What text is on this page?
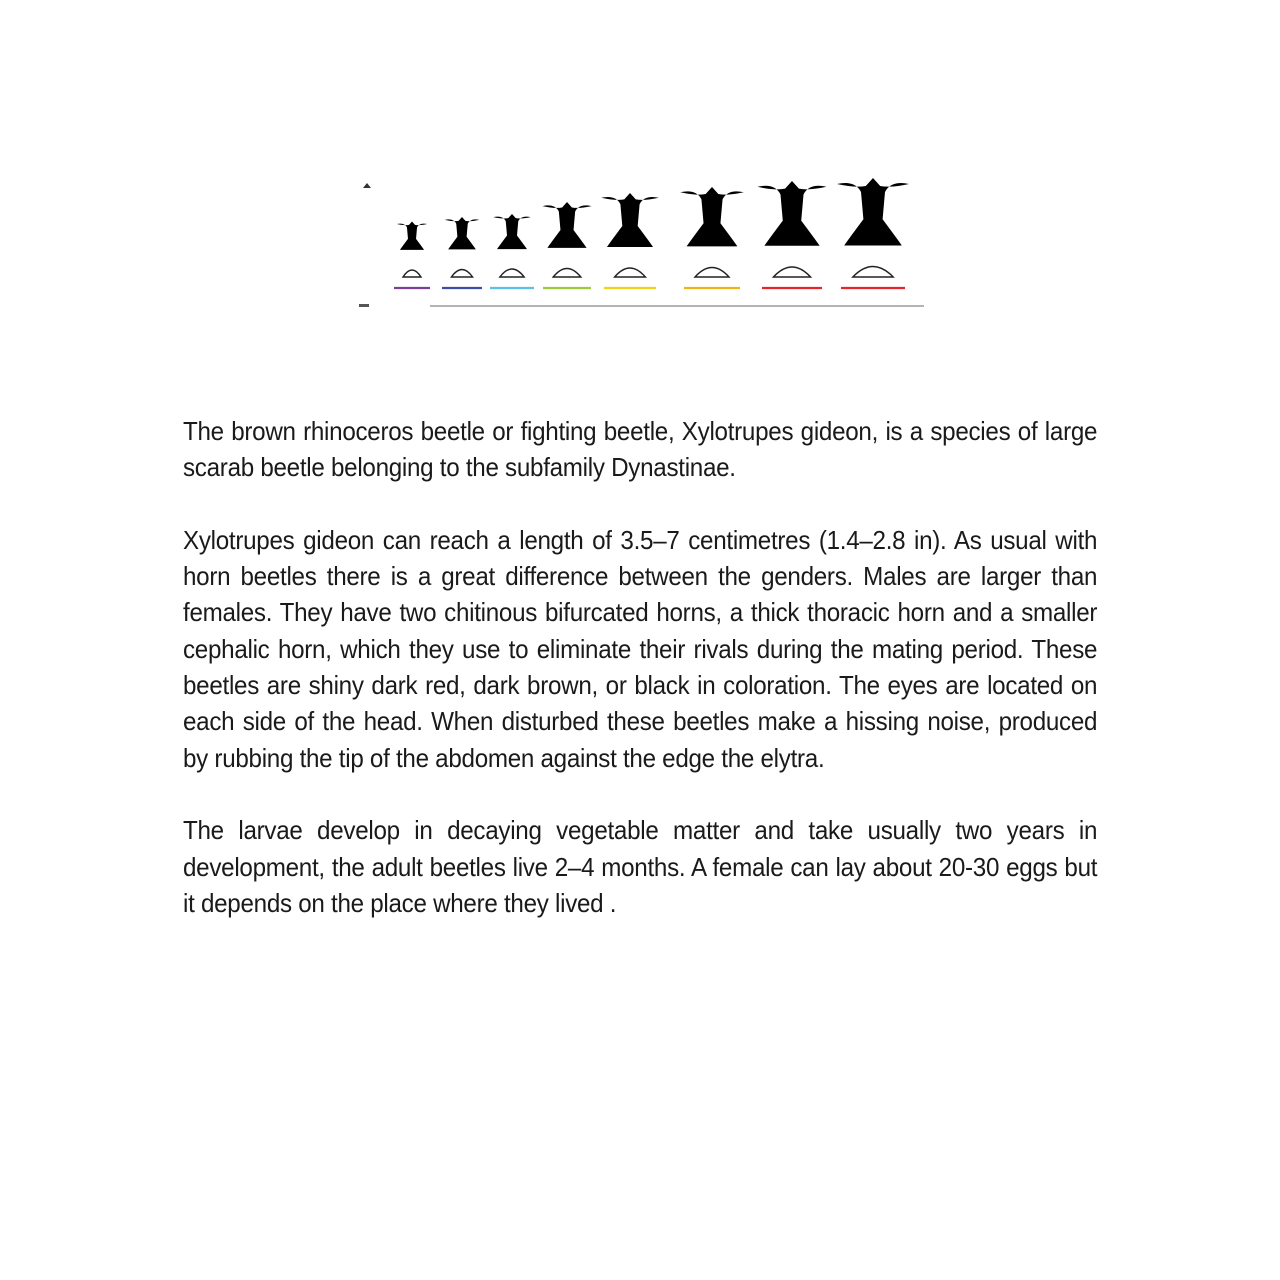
The brown rhinoceros beetle or fighting beetle, Xylotrupes gideon, is a species of large scarab beetle belonging to the subfamily Dynastinae.

Xylotrupes gideon can reach a length of 3.5–7 centimetres (1.4–2.8 in). As usual with horn beetles there is a great difference between the genders. Males are larger than females. They have two chitinous bifurcated horns, a thick thoracic horn and a smaller cephalic horn, which they use to eliminate their rivals during the mating period. These beetles are shiny dark red, dark brown, or black in coloration. The eyes are located on each side of the head. When disturbed these beetles make a hissing noise, produced by rubbing the tip of the abdomen against the edge the elytra.

The larvae develop in decaying vegetable matter and take usually two years in development, the adult beetles live 2–4 months. A female can lay about 20-30 eggs but it depends on the place where they lived .
